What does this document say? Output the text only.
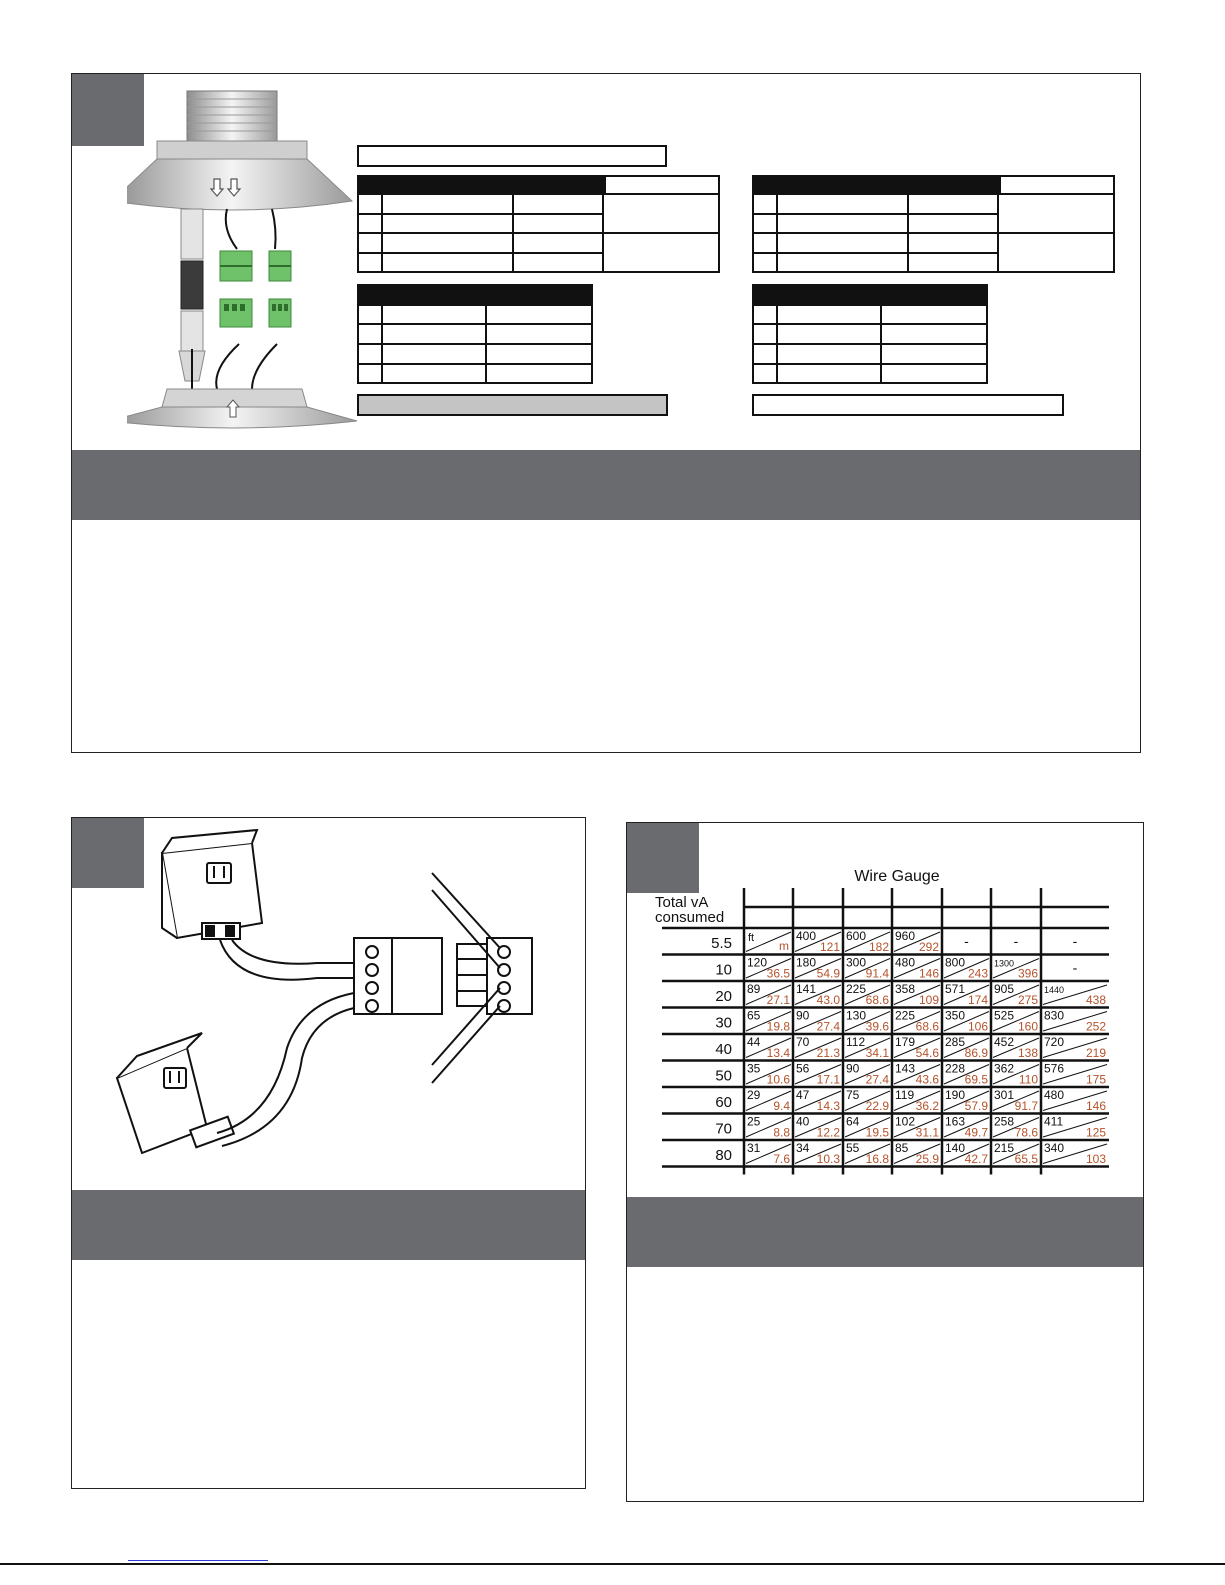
Wire Gauge
Total vA
consumed
5.5 ft
m
400
121
600
182
960
292 -	-	-
10 120
36.5
180
54.9
300
91.4
480
146
800
243
1300
396 -
20 89
27.1
141
43.0
225
68.6
358
109
571
174
905
275
1440
438
30 65
19.8
90
27.4
130
39.6
225
68.6
350
106
525
160
830
252
40 44
13.4
70
21.3
112
34.1
179
54.6
285
86.9
452
138
720
219
50 35
10.6
56
17.1
90
27.4
143
43.6
228
69.5
362
110
576
175
60 29
9.4
47
14.3
75
22.9
119
36.2
190
57.9
301
91.7
480
146
70 25
8.8
40
12.2
64
19.5
102
31.1
163
49.7
258
78.6
411
125
80 31
7.6
34
10.3
55
16.8
85
25.9
140
42.7
215
65.5
340
103
